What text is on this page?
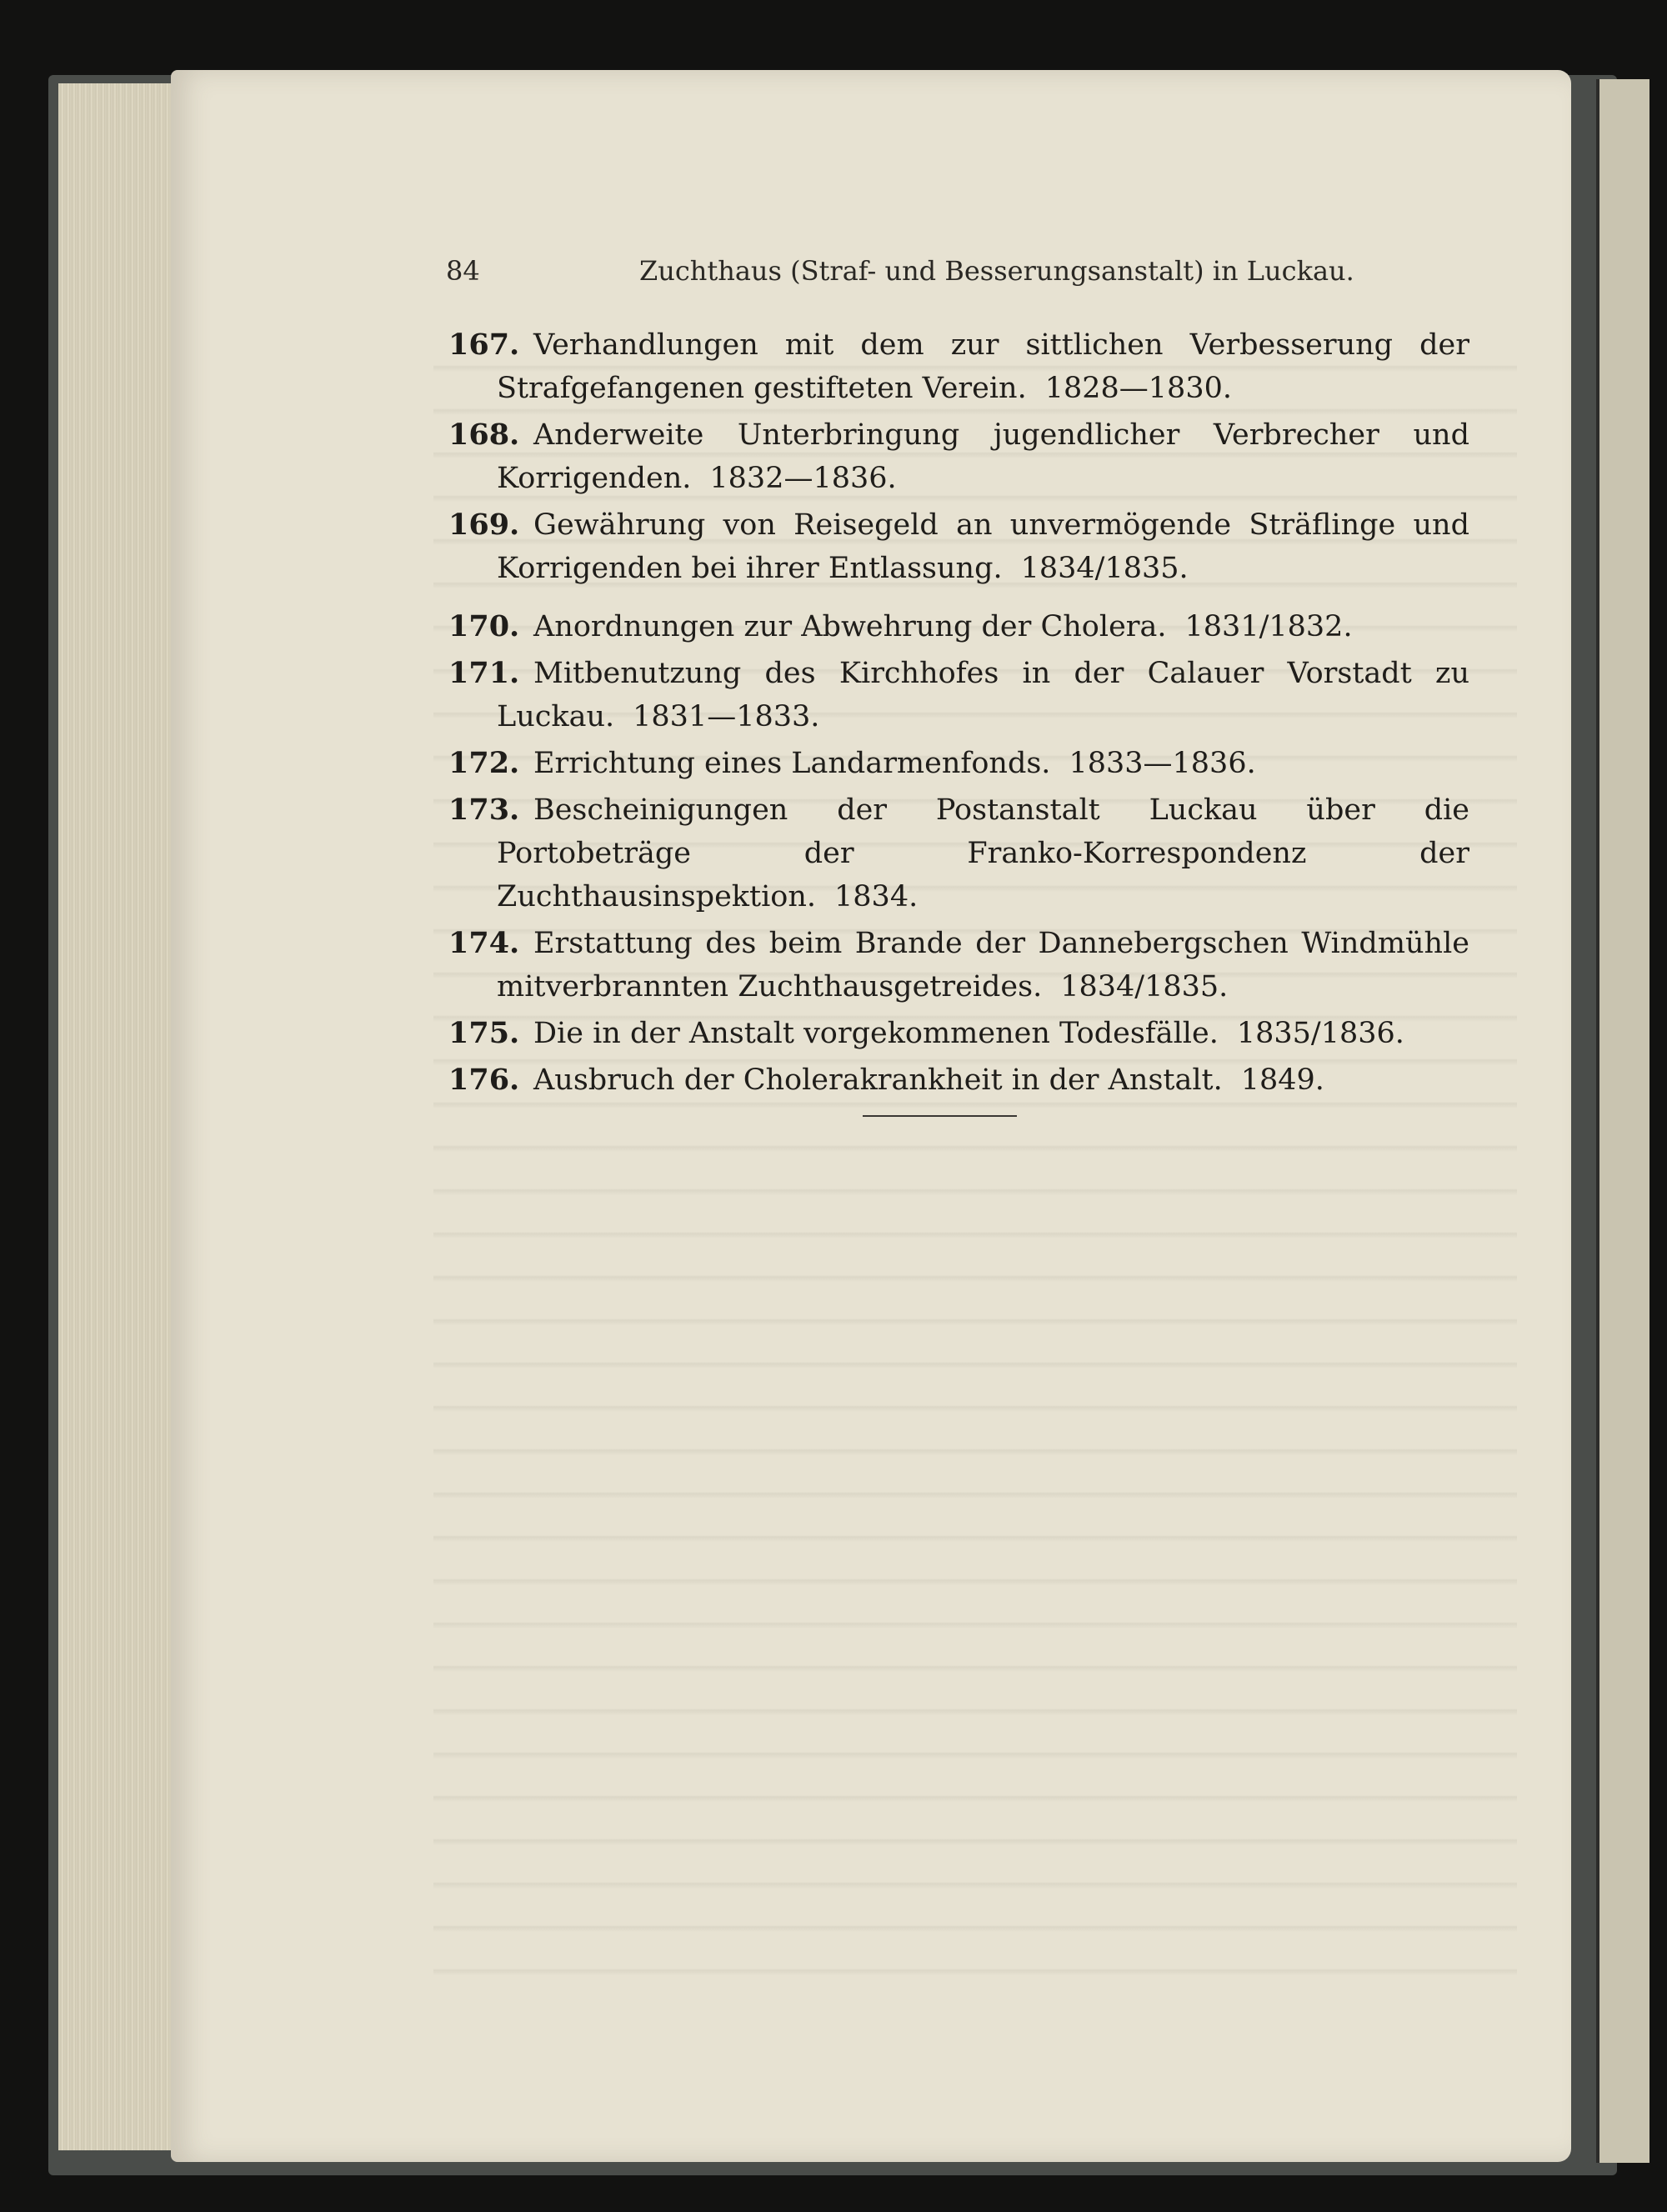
84	Zuchthaus (Straf- und Besserungsanstalt) in Luckau.

167. Verhandlungen mit dem zur sittlichen Verbesserung der Strafgefangenen gestifteten Verein. 1828—1830.

168. Anderweite Unterbringung jugendlicher Verbrecher und Korrigenden. 1832—1836.

169. Gewährung von Reisegeld an unvermögende Sträflinge und Korrigenden bei ihrer Entlassung. 1834/1835.

170. Anordnungen zur Abwehrung der Cholera. 1831/1832.

171. Mitbenutzung des Kirchhofes in der Calauer Vorstadt zu Luckau. 1831—1833.

172. Errichtung eines Landarmenfonds. 1833—1836.

173. Bescheinigungen der Postanstalt Luckau über die Portobeträge der Franko-Korrespondenz der Zuchthausinspektion. 1834.

174. Erstattung des beim Brande der Dannebergschen Windmühle mitverbrannten Zuchthausgetreides. 1834/1835.

175. Die in der Anstalt vorgekommenen Todesfälle. 1835/1836.

176. Ausbruch der Cholerakrankheit in der Anstalt. 1849.
